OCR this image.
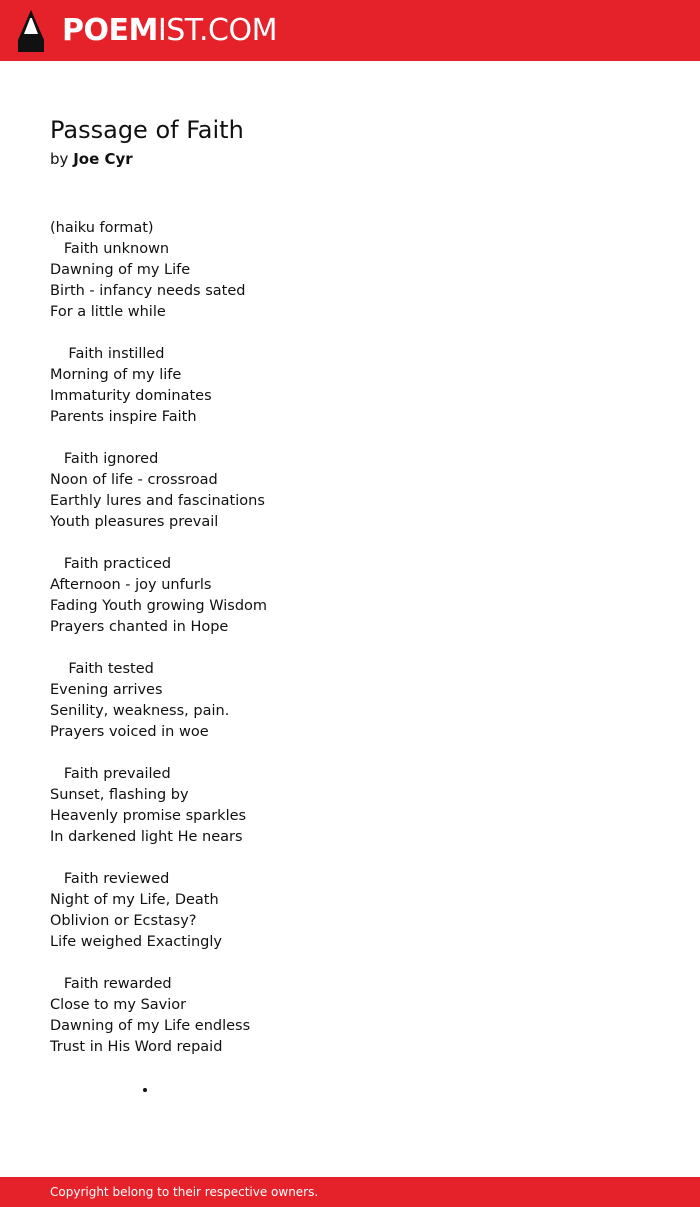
POEMIST.COM
Passage of Faith
by Joe Cyr
(haiku format)
Faith unknown
Dawning of my Life
Birth - infancy needs sated
For a little while
Faith instilled
Morning of my life
Immaturity dominates
Parents inspire Faith
Faith ignored
Noon of life - crossroad
Earthly lures and fascinations
Youth pleasures prevail
Faith practiced
Afternoon - joy unfurls
Fading Youth growing Wisdom
Prayers chanted in Hope
Faith tested
Evening arrives
Senility, weakness, pain.
Prayers voiced in woe
Faith prevailed
Sunset, flashing by
Heavenly promise sparkles
In darkened light He nears
Faith reviewed
Night of my Life, Death
Oblivion or Ecstasy?
Life weighed Exactingly
Faith rewarded
Close to my Savior
Dawning of my Life endless
Trust in His Word repaid
Copyright belong to their respective owners.
